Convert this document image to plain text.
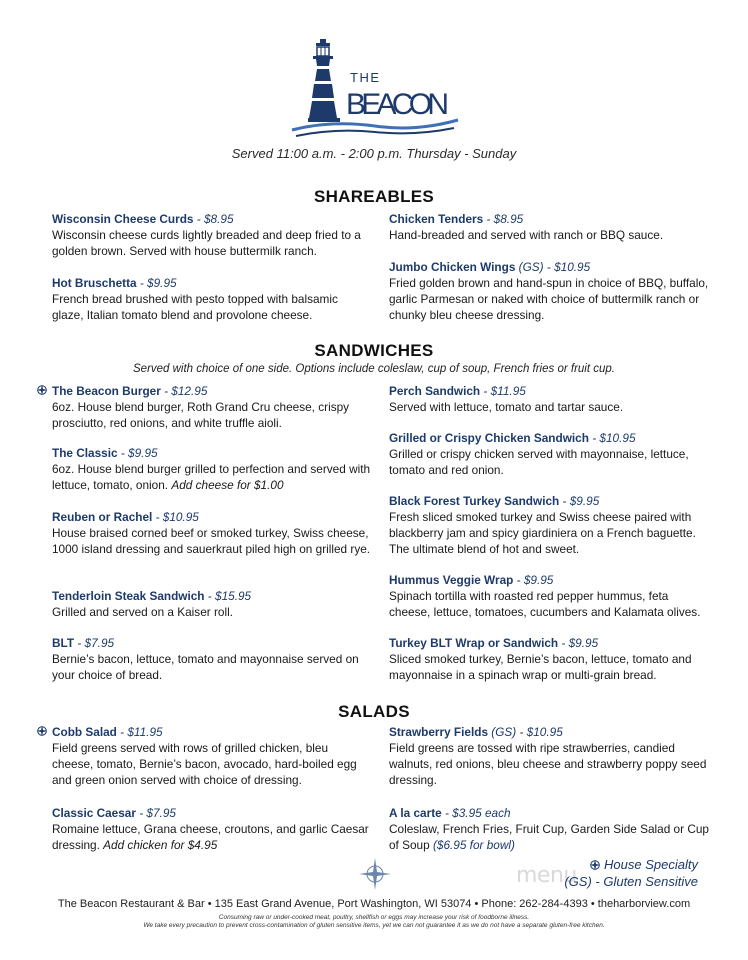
THE
BEACON
Served 11:00 a.m. - 2:00 p.m. Thursday - Sunday
SHAREABLES
Wisconsin Cheese Curds - $8.95
Wisconsin cheese curds lightly breaded and deep fried to a golden brown. Served with house buttermilk ranch.
Hot Bruschetta - $9.95
French bread brushed with pesto topped with balsamic glaze, Italian tomato blend and provolone cheese.
Chicken Tenders - $8.95
Hand-breaded and served with ranch or BBQ sauce.
Jumbo Chicken Wings (GS) - $10.95
Fried golden brown and hand-spun in choice of BBQ, buffalo, garlic Parmesan or naked with choice of buttermilk ranch or chunky bleu cheese dressing.
SANDWICHES
Served with choice of one side. Options include coleslaw, cup of soup, French fries or fruit cup.
The Beacon Burger - $12.95
6oz. House blend burger, Roth Grand Cru cheese, crispy prosciutto, red onions, and white truffle aioli.
The Classic - $9.95
6oz. House blend burger grilled to perfection and served with lettuce, tomato, onion. Add cheese for $1.00
Reuben or Rachel - $10.95
House braised corned beef or smoked turkey, Swiss cheese, 1000 island dressing and sauerkraut piled high on grilled rye.
Tenderloin Steak Sandwich - $15.95
Grilled and served on a Kaiser roll.
BLT - $7.95
Bernie’s bacon, lettuce, tomato and mayonnaise served on your choice of bread.
Perch Sandwich - $11.95
Served with lettuce, tomato and tartar sauce.
Grilled or Crispy Chicken Sandwich - $10.95
Grilled or crispy chicken served with mayonnaise, lettuce, tomato and red onion.
Black Forest Turkey Sandwich - $9.95
Fresh sliced smoked turkey and Swiss cheese paired with blackberry jam and spicy giardiniera on a French baguette. The ultimate blend of hot and sweet.
Hummus Veggie Wrap - $9.95
Spinach tortilla with roasted red pepper hummus, feta cheese, lettuce, tomatoes, cucumbers and Kalamata olives.
Turkey BLT Wrap or Sandwich - $9.95
Sliced smoked turkey, Bernie’s bacon, lettuce, tomato and mayonnaise in a spinach wrap or multi-grain bread.
SALADS
Cobb Salad - $11.95
Field greens served with rows of grilled chicken, bleu cheese, tomato, Bernie’s bacon, avocado, hard-boiled egg and green onion served with choice of dressing.
Classic Caesar - $7.95
Romaine lettuce, Grana cheese, croutons, and garlic Caesar dressing. Add chicken for $4.95
Strawberry Fields (GS) - $10.95
Field greens are tossed with ripe strawberries, candied walnuts, red onions, bleu cheese and strawberry poppy seed dressing.
A la carte - $3.95 each
Coleslaw, French Fries, Fruit Cup, Garden Side Salad or Cup of Soup ($6.95 for bowl)
menu House Specialty
(GS) - Gluten Sensitive
The Beacon Restaurant & Bar • 135 East Grand Avenue, Port Washington, WI 53074 • Phone: 262-284-4393 • theharborview.com
Consuming raw or under-cooked meat, poultry, shellfish or eggs may increase your risk of foodborne illness.
We take every precaution to prevent cross-contamination of gluten sensitive items, yet we can not guarantee it as we do not have a separate gluten-free kitchen.
